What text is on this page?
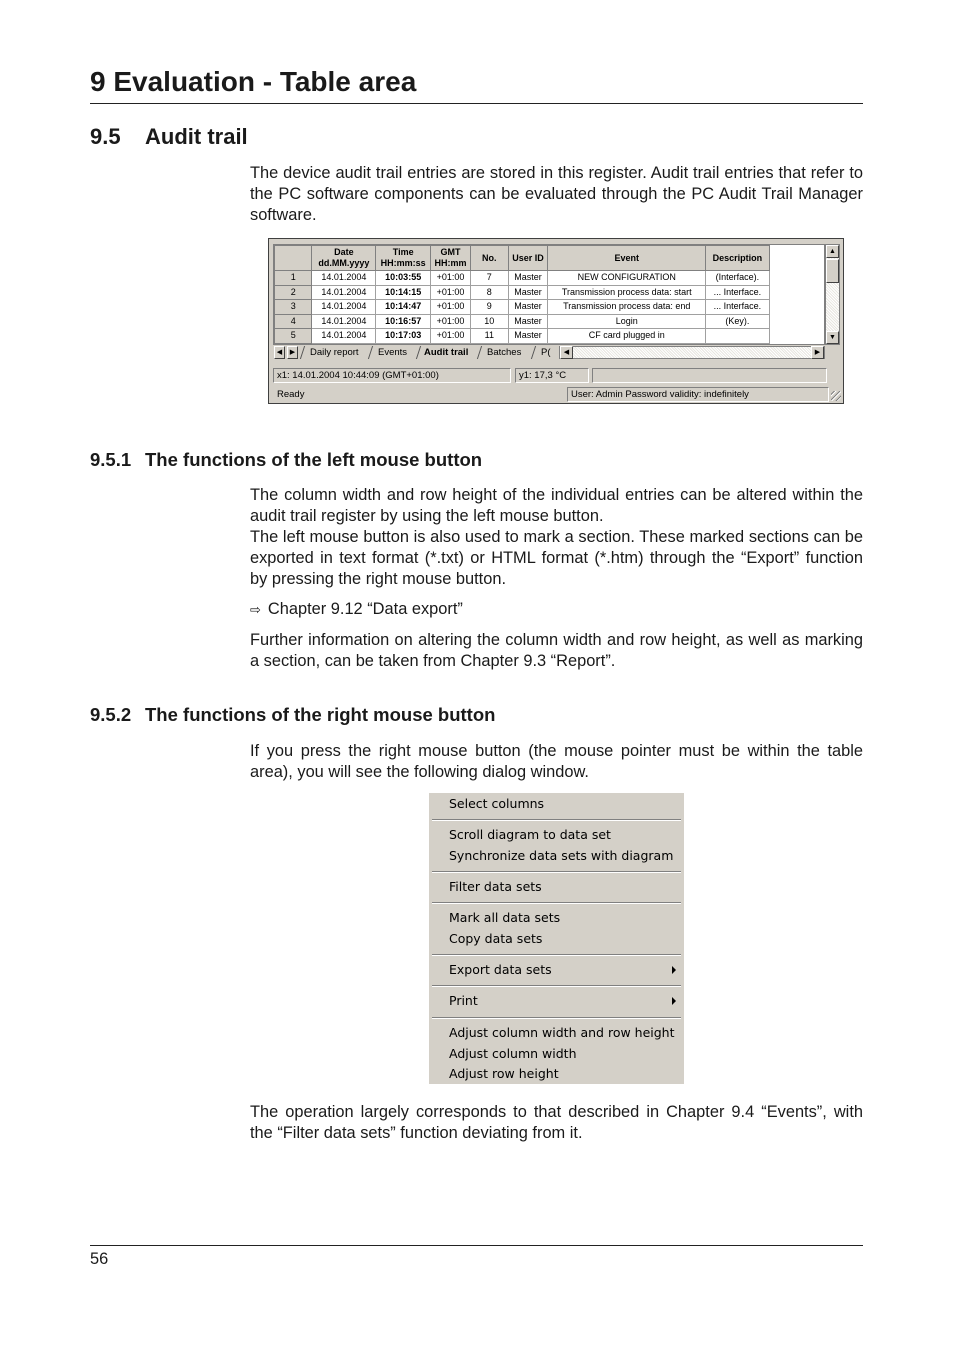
9 Evaluation - Table area
9.5 Audit trail

The device audit trail entries are stored in this register. Audit trail entries that refer to the PC software components can be evaluated through the PC Audit Trail Manager software.

	Date dd.MM.yyyy	Time HH:mm:ss	GMT HH:mm	No.	User ID	Event	Description	
1	14.01.2004	10:03:55	+01:00	7	Master	NEW CONFIGURATION	(Interface).	
2	14.01.2004	10:14:15	+01:00	8	Master	Transmission process data: start	... Interface.	
3	14.01.2004	10:14:47	+01:00	9	Master	Transmission process data: end	... Interface.	
4	14.01.2004	10:16:57	+01:00	10	Master	Login	(Key).	
5	14.01.2004	10:17:03	+01:00	11	Master	CF card plugged in		
▲
▼
◀	▶ Daily report Events Audit trail Batches P(	◀	▶
x1: 14.01.2004 10:44:09 (GMT+01:00)	y1: 17,3 °C
Ready	User: Admin Password validity: indefinitely
9.5.1 The functions of the left mouse button

The column width and row height of the individual entries can be altered within the audit trail register by using the left mouse button.

The left mouse button is also used to mark a section. These marked sections can be exported in text format (*.txt) or HTML format (*.htm) through the “Export” function by pressing the right mouse button.

⇨ Chapter 9.12 “Data export”

Further information on altering the column width and row height, as well as marking a section, can be taken from Chapter 9.3 “Report”.

9.5.2 The functions of the right mouse button

If you press the right mouse button (the mouse pointer must be within the table area), you will see the following dialog window.

Select columns
Scroll diagram to data set
Synchronize data sets with diagram
Filter data sets
Mark all data sets
Copy data sets
Export data sets
Print
Adjust column width and row height
Adjust column width
Adjust row height

The operation largely corresponds to that described in Chapter 9.4 “Events”, with the “Filter data sets” function deviating from it.

56
